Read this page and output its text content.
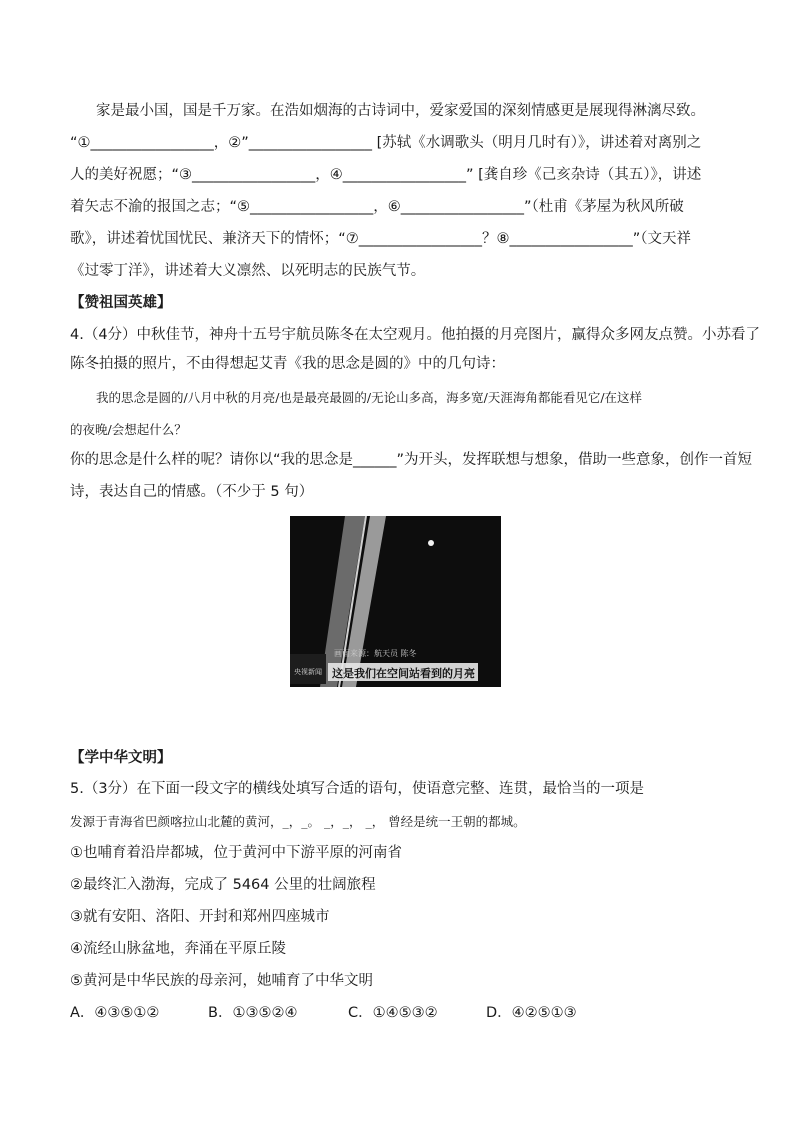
家是最小国，国是千万家。在浩如烟海的古诗词中，爱家爱国的深刻情感更是展现得淋漓尽致。
“①_________________，②”_________________ [苏轼《水调歌头（明月几时有）》，讲述着对离别之
人的美好祝愿；“③_________________，④_________________” [龚自珍《己亥杂诗（其五）》，讲述
着矢志不渝的报国之志；“⑤_________________，⑥_________________”（杜甫《茅屋为秋风所破
歌》，讲述着忧国忧民、兼济天下的情怀；“⑦_________________？⑧_________________”（文天祥
《过零丁洋》，讲述着大义凛然、以死明志的民族气节。
【赞祖国英雄】
4.（4分）中秋佳节，神舟十五号宇航员陈冬在太空观月。他拍摄的月亮图片，赢得众多网友点赞。小苏看了
陈冬拍摄的照片，不由得想起艾青《我的思念是圆的》中的几句诗：
我的思念是圆的/八月中秋的月亮/也是最亮最圆的/无论山多高，海多宽/天涯海角都能看见它/在这样
的夜晚/会想起什么？
你的思念是什么样的呢？请你以“我的思念是______”为开头，发挥联想与想象，借助一些意象，创作一首短
诗，表达自己的情感。（不少于 5 句）
央视新闻
画面来源：航天员 陈冬
这是我们在空间站看到的月亮
【学中华文明】
5.（3分）在下面一段文字的横线处填写合适的语句，使语意完整、连贯，最恰当的一项是
发源于青海省巴颜喀拉山北麓的黄河，_，_。 _，_， _， 曾经是统一王朝的都城。
①也哺育着沿岸都城，位于黄河中下游平原的河南省
②最终汇入渤海，完成了 5464 公里的壮阔旅程
③就有安阳、洛阳、开封和郑州四座城市
④流经山脉盆地，奔涌在平原丘陵
⑤黄河是中华民族的母亲河，她哺育了中华文明
A．④③⑤①②	B．①③⑤②④	C．①④⑤③②	D．④②⑤①③
